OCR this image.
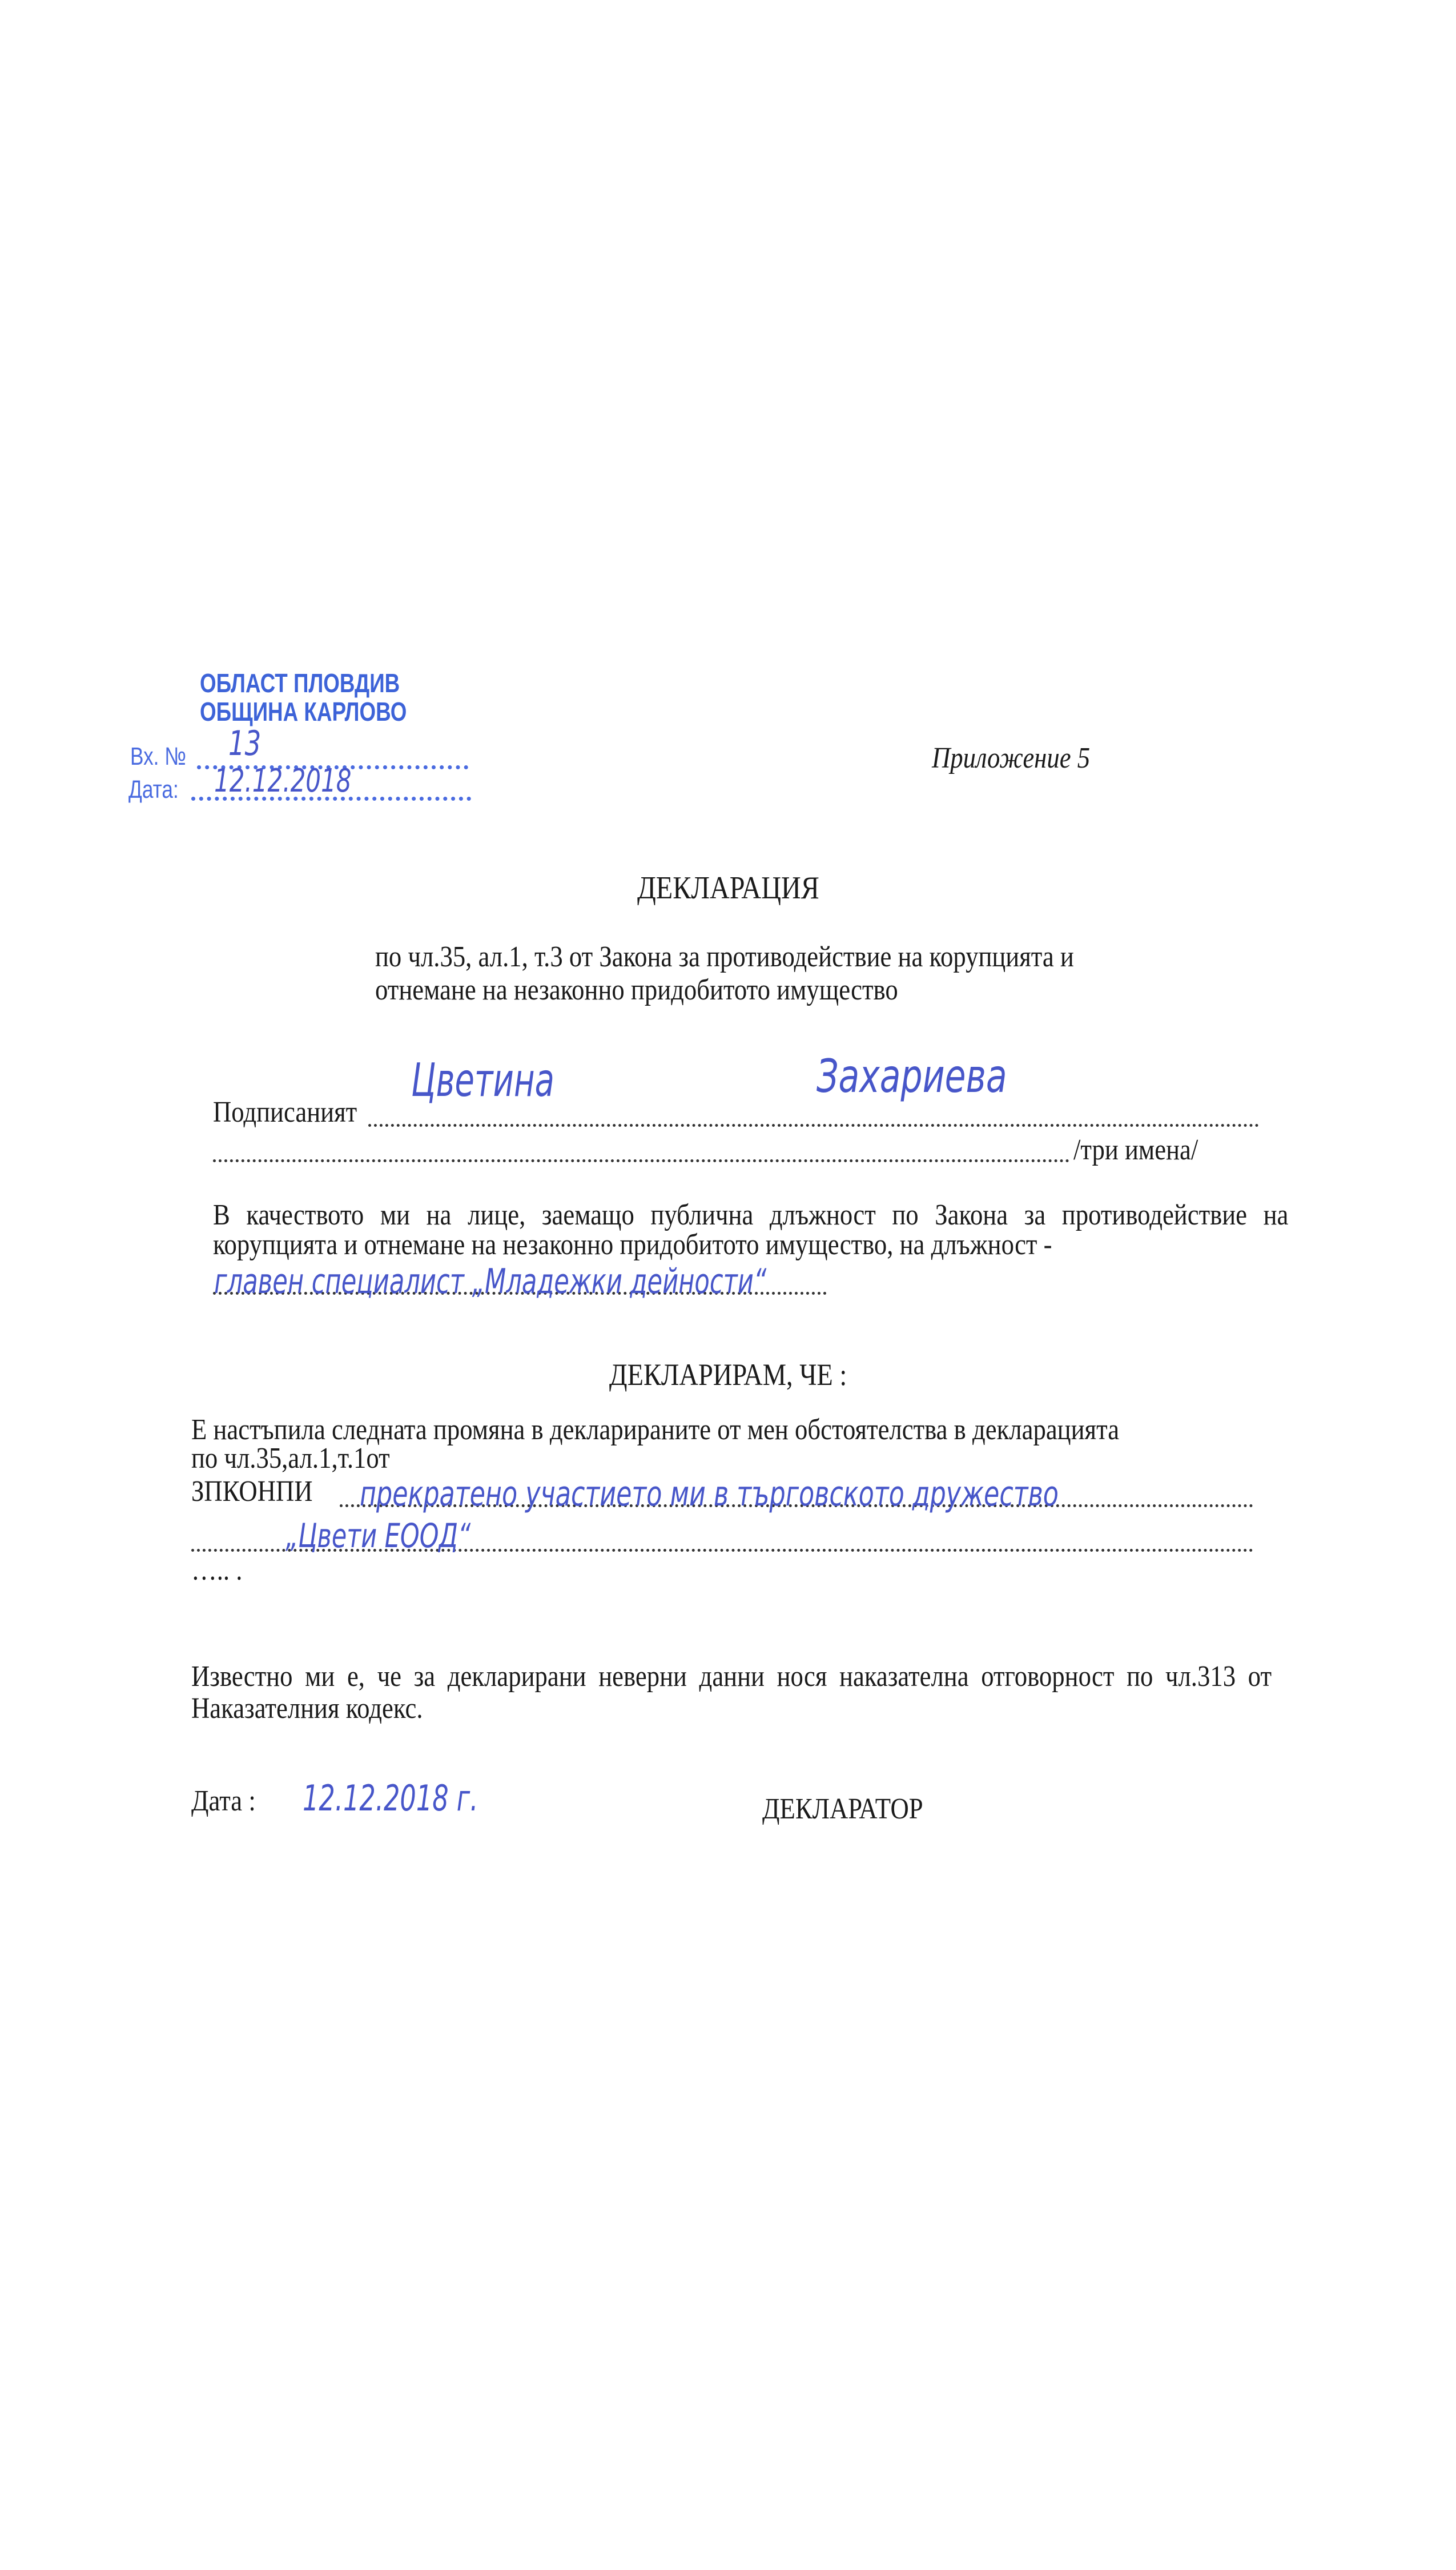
ОБЛАСТ ПЛОВДИВ
ОБЩИНА КАРЛОВО
Вх. № 13
Дата: 12.12.2018
Приложение 5
ДЕКЛАРАЦИЯ
по чл.35, ал.1, т.3 от Закона за противодействие на корупцията и
отнемане на незаконно придобитото имущество
Подписаният
Цветина	Захариева
/три имена/
В качеството ми на лице, заемащо публична длъжност по Закона за противодействие на корупцията и отнемане на незаконно придобитото имущество, на длъжност -
главен специалист „Младежки дейности“
ДЕКЛАРИРАМ, ЧЕ :
Е настъпила следната промяна в декларираните от мен обстоятелства в декларацията
по чл.35,ал.1,т.1от
ЗПКОНПИ прекратено участието ми в търговското дружество
„Цвети ЕООД“
….. .
Известно ми е, че за декларирани неверни данни нося наказателна отговорност по чл.313 от Наказателния кодекс.
Дата : 12.12.2018 г.	ДЕКЛАРАТОР
